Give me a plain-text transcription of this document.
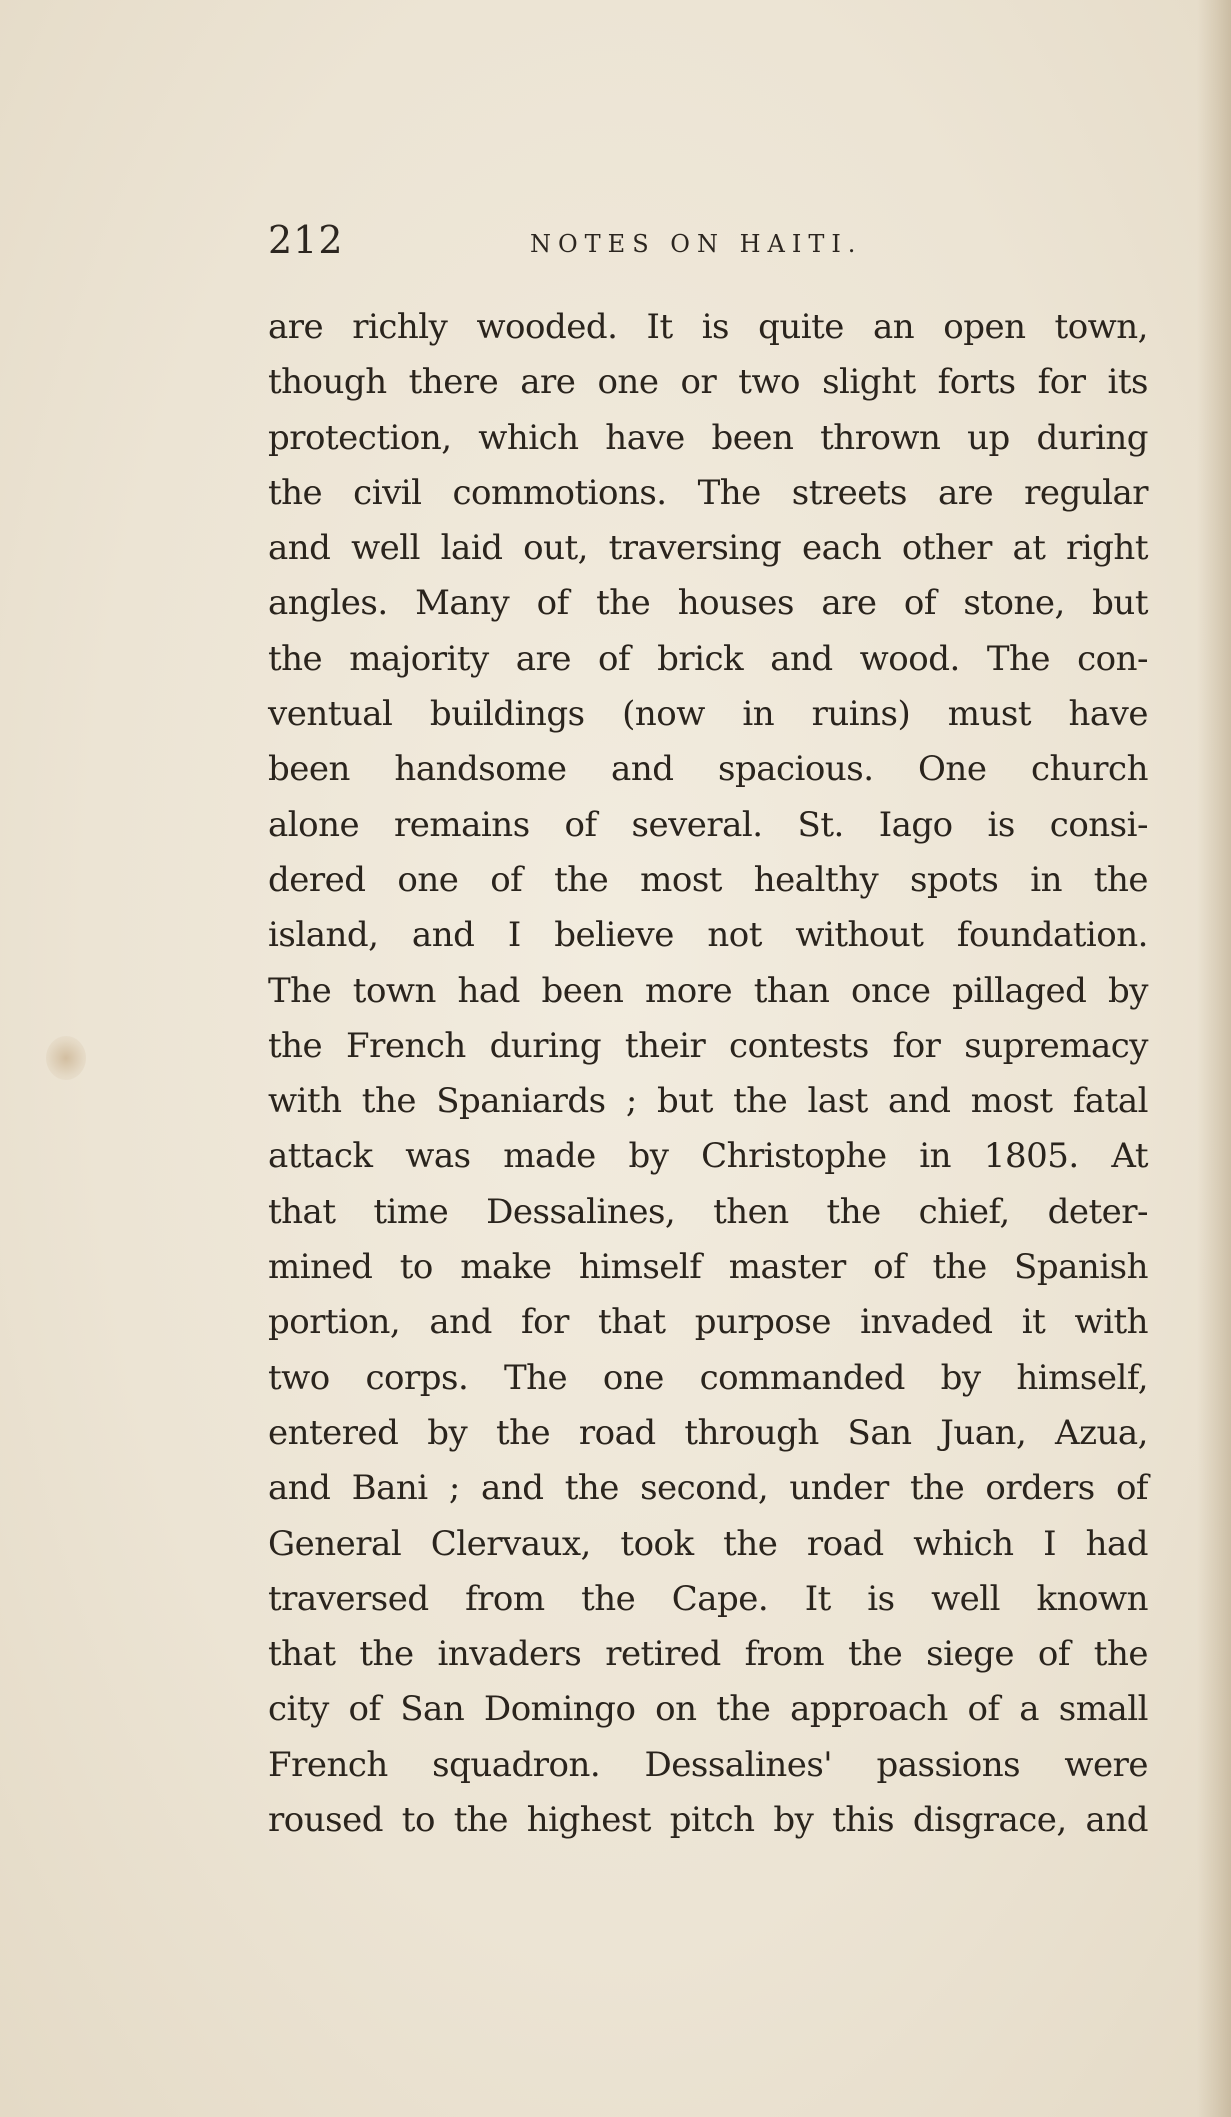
212	NOTES ON HAITI.
are richly wooded. It is quite an open town,
though there are one or two slight forts for its
protection, which have been thrown up during
the civil commotions. The streets are regular
and well laid out, traversing each other at right
angles. Many of the houses are of stone, but
the majority are of brick and wood. The con-
ventual buildings (now in ruins) must have
been handsome and spacious. One church
alone remains of several. St. Iago is consi-
dered one of the most healthy spots in the
island, and I believe not without foundation.
The town had been more than once pillaged by
the French during their contests for supremacy
with the Spaniards ; but the last and most fatal
attack was made by Christophe in 1805. At
that time Dessalines, then the chief, deter-
mined to make himself master of the Spanish
portion, and for that purpose invaded it with
two corps. The one commanded by himself,
entered by the road through San Juan, Azua,
and Bani ; and the second, under the orders of
General Clervaux, took the road which I had
traversed from the Cape. It is well known
that the invaders retired from the siege of the
city of San Domingo on the approach of a small
French squadron. Dessalines' passions were
roused to the highest pitch by this disgrace, and
